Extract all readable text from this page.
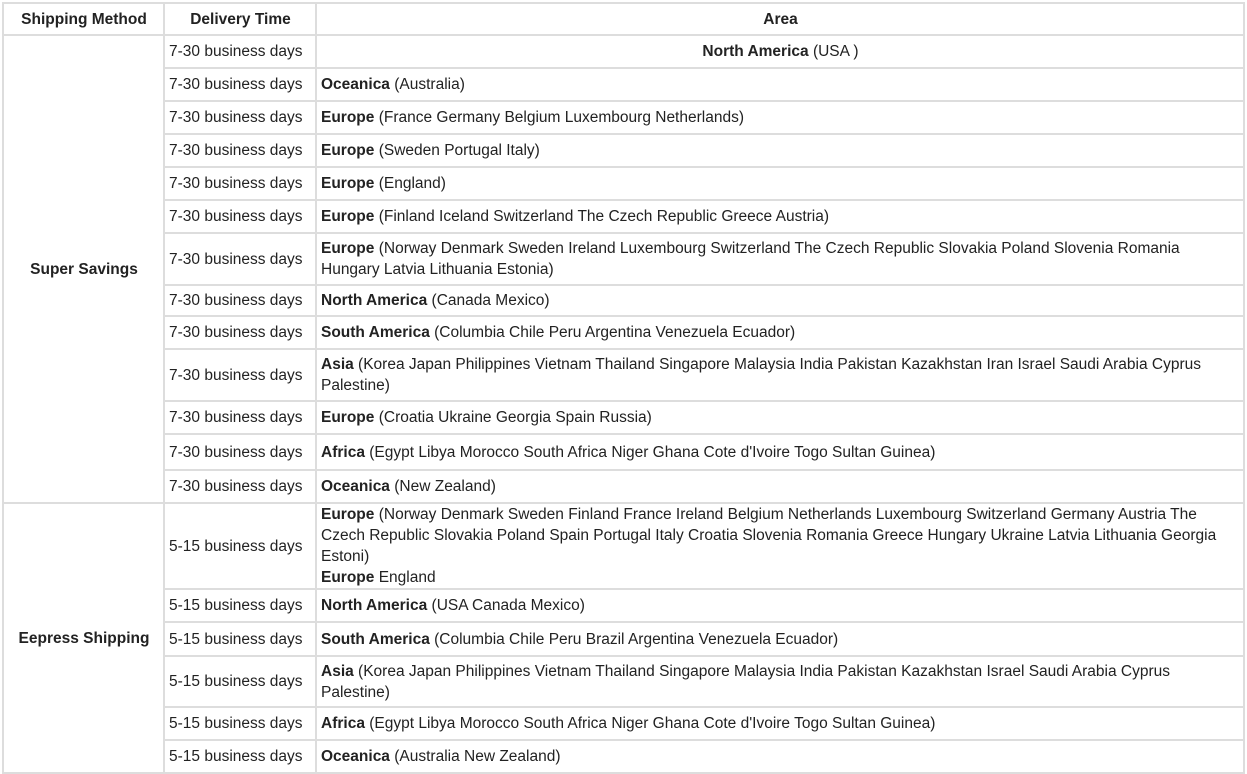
Shipping Method	Delivery Time	Area
Super Savings	7-30 business days	North America (USA )

	7-30 business days	Oceanica (Australia)

	7-30 business days	Europe (France Germany Belgium Luxembourg Netherlands)

	7-30 business days	Europe (Sweden Portugal Italy)

	7-30 business days	Europe (England)

	7-30 business days	Europe (Finland Iceland Switzerland The Czech Republic Greece Austria)

	7-30 business days	Europe (Norway Denmark Sweden Ireland Luxembourg Switzerland The Czech Republic Slovakia Poland Slovenia Romania Hungary Latvia Lithuania Estonia)

	7-30 business days	North America (Canada Mexico)

	7-30 business days	South America (Columbia Chile Peru Argentina Venezuela Ecuador)

	7-30 business days	Asia (Korea Japan Philippines Vietnam Thailand Singapore Malaysia India Pakistan Kazakhstan Iran Israel Saudi Arabia Cyprus Palestine)

	7-30 business days	Europe (Croatia Ukraine Georgia Spain Russia)

	7-30 business days	Africa (Egypt Libya Morocco South Africa Niger Ghana Cote d'Ivoire Togo Sultan Guinea)

	7-30 business days	Oceanica (New Zealand)

Eepress Shipping	5-15 business days	Europe (Norway Denmark Sweden Finland France Ireland Belgium Netherlands Luxembourg Switzerland Germany Austria The Czech Republic Slovakia Poland Spain Portugal Italy Croatia Slovenia Romania Greece Hungary Ukraine Latvia Lithuania Georgia Estoni)
Europe England

	5-15 business days	North America (USA Canada Mexico)

	5-15 business days	South America (Columbia Chile Peru Brazil Argentina Venezuela Ecuador)

	5-15 business days	Asia (Korea Japan Philippines Vietnam Thailand Singapore Malaysia India Pakistan Kazakhstan Israel Saudi Arabia Cyprus Palestine)

	5-15 business days	Africa (Egypt Libya Morocco South Africa Niger Ghana Cote d'Ivoire Togo Sultan Guinea)

	5-15 business days	Oceanica (Australia New Zealand)
